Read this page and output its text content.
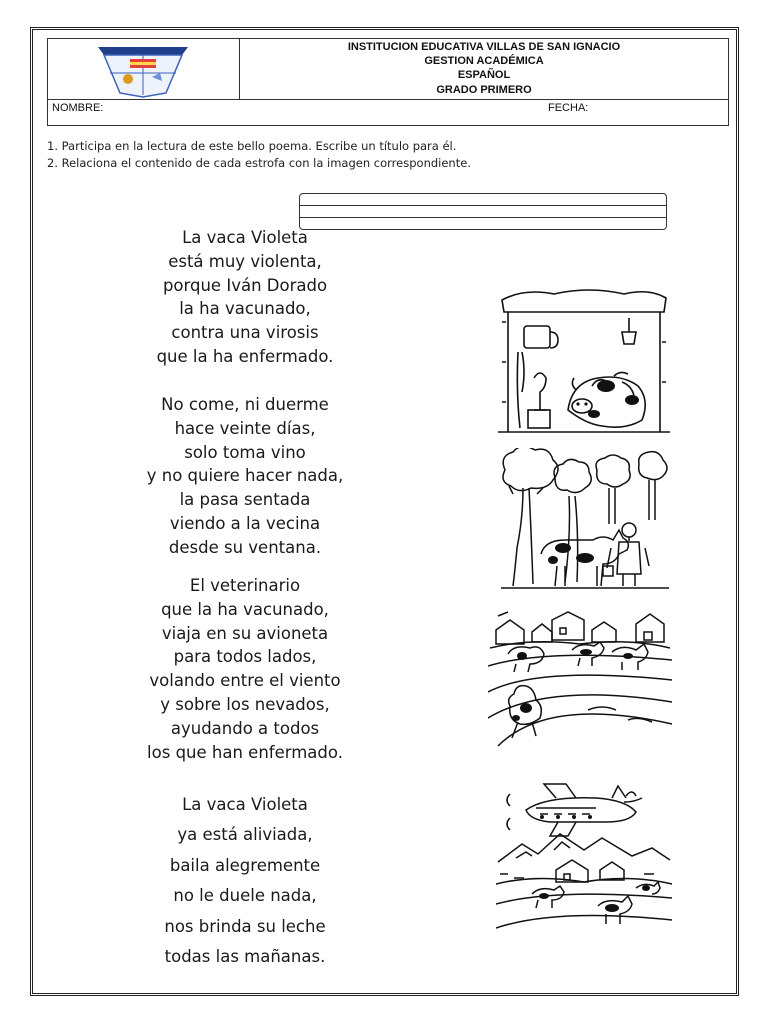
INSTITUCION EDUCATIVA VILLAS DE SAN IGNACIO
GESTION ACADÉMICA
ESPAÑOL
GRADO PRIMERO
NOMBRE:	FECHA:
1. Participa en la lectura de este bello poema. Escribe un título para él.
2. Relaciona el contenido de cada estrofa con la imagen correspondiente.
La vaca Violeta
está muy violenta,
porque Iván Dorado
la ha vacunado,
contra una virosis
que la ha enfermado.
No come, ni duerme
hace veinte días,
solo toma vino
y no quiere hacer nada,
la pasa sentada
viendo a la vecina
desde su ventana.
El veterinario
que la ha vacunado,
viaja en su avioneta
para todos lados,
volando entre el viento
y sobre los nevados,
ayudando a todos
los que han enfermado.
La vaca Violeta
ya está aliviada,
baila alegremente
no le duele nada,
nos brinda su leche
todas las mañanas.
